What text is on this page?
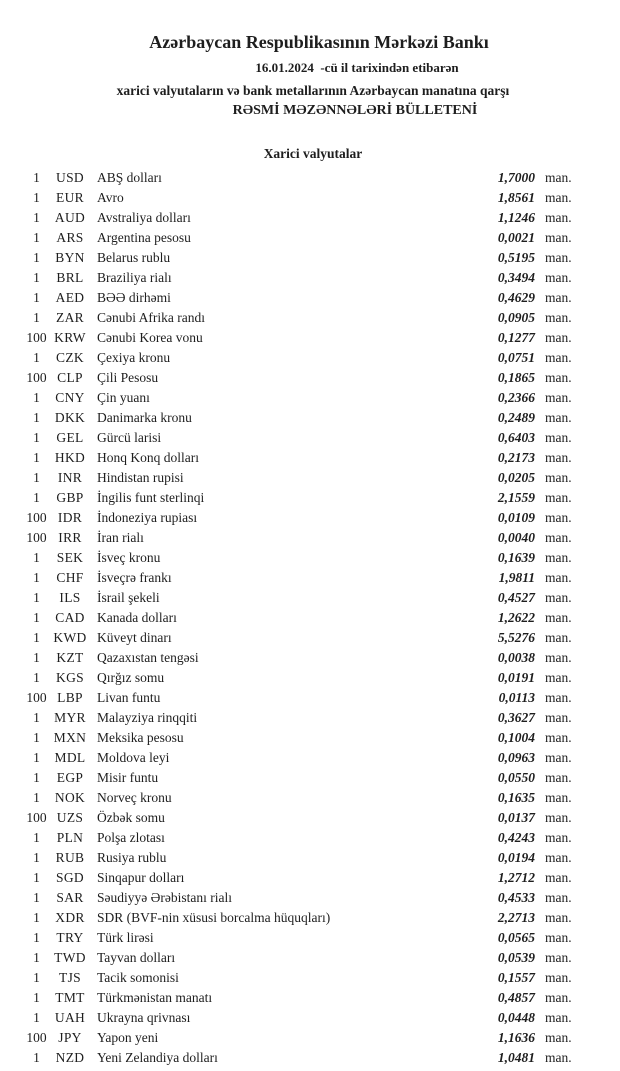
Azərbaycan Respublikasının Mərkəzi Bankı
16.01.2024  -cü il tarixindən etibarən
xarici valyutaların və bank metallarının Azərbaycan manatına qarşı
RƏSMİ MƏZƏNNƏLƏRİ BÜLLETENİ
Xarici valyutalar
1	USD ABŞ dolları	1,7000 man.
1	EUR Avro	1,8561 man.
1	AUD Avstraliya dolları	1,1246 man.
1	ARS Argentina pesosu	0,0021 man.
1	BYN Belarus rublu	0,5195 man.
1	BRL Braziliya rialı	0,3494 man.
1	AED BƏƏ dirhəmi	0,4629 man.
1	ZAR Cənubi Afrika randı	0,0905 man.
100 KRW Cənubi Korea vonu	0,1277 man.
1	CZK Çexiya kronu	0,0751 man.
100 CLP	Çili Pesosu	0,1865 man.
1	CNY Çin yuanı	0,2366 man.
1	DKK Danimarka kronu	0,2489 man.
1	GEL Gürcü larisi	0,6403 man.
1	HKD Honq Konq dolları	0,2173 man.
1	INR	Hindistan rupisi	0,0205 man.
1	GBP İngilis funt sterlinqi	2,1559 man.
100 IDR	İndoneziya rupiası	0,0109 man.
100 IRR	İran rialı	0,0040 man.
1	SEK	İsveç kronu	0,1639 man.
1	CHF İsveçrə frankı	1,9811 man.
1	ILS	İsrail şekeli	0,4527 man.
1	CAD Kanada dolları	1,2622 man.
1	KWD Küveyt dinarı	5,5276 man.
1	KZT Qazaxıstan tengəsi	0,0038 man.
1	KGS Qırğız somu	0,0191 man.
100 LBP	Livan funtu	0,0113 man.
1	MYR Malayziya rinqqiti	0,3627 man.
1	MXN Meksika pesosu	0,1004 man.
1	MDL Moldova leyi	0,0963 man.
1	EGP	Misir funtu	0,0550 man.
1	NOK Norveç kronu	0,1635 man.
100 UZS	Özbək somu	0,0137 man.
1	PLN	Polşa zlotası	0,4243 man.
1	RUB Rusiya rublu	0,0194 man.
1	SGD Sinqapur dolları	1,2712 man.
1	SAR Səudiyyə Ərəbistanı rialı	0,4533 man.
1	XDR SDR (BVF-nin xüsusi borcalma hüquqları)	2,2713 man.
1	TRY Türk lirəsi	0,0565 man.
1	TWD Tayvan dolları	0,0539 man.
1	TJS	Tacik somonisi	0,1557 man.
1	TMT Türkmənistan manatı	0,4857 man.
1	UAH Ukrayna qrivnası	0,0448 man.
100 JPY	Yapon yeni	1,1636 man.
1	NZD Yeni Zelandiya dolları	1,0481 man.
